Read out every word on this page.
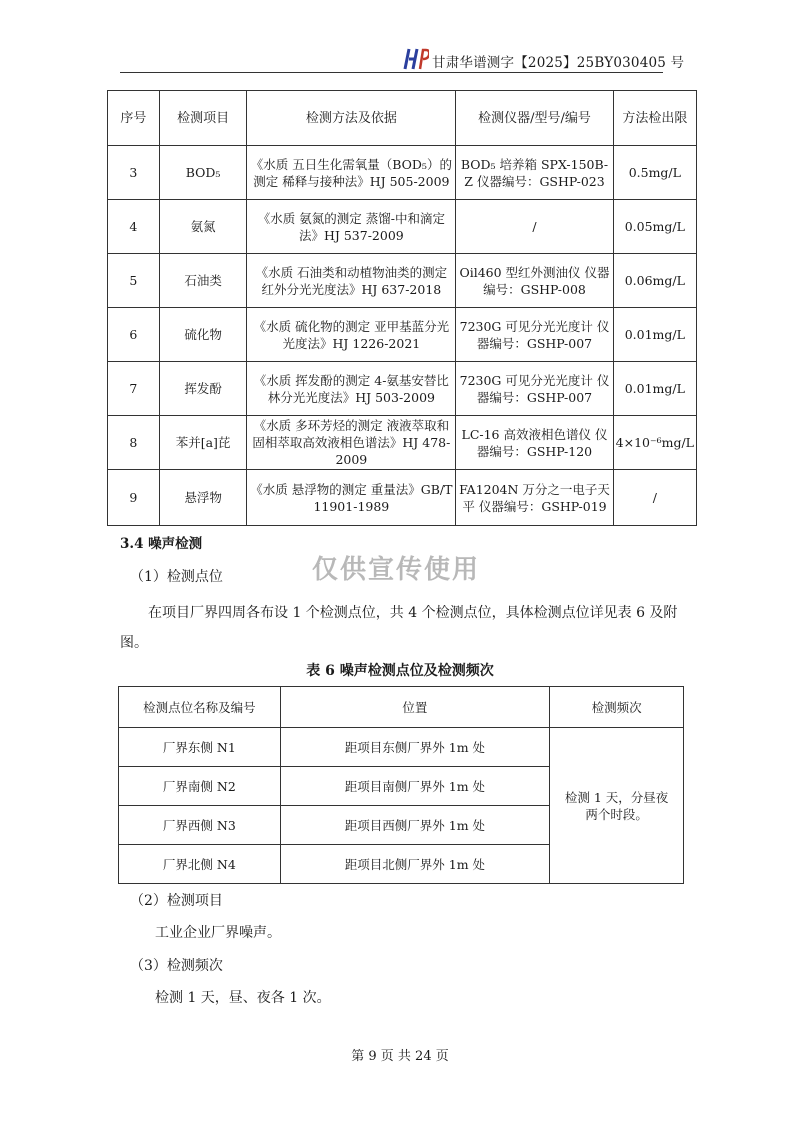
甘肃华谱测字【2025】25BY030405 号
序号	检测项目	检测方法及依据	检测仪器/型号/编号	方法检出限
3	BOD₅	《水质 五日生化需氧量（BOD₅）的测定 稀释与接种法》HJ 505-2009	BOD₅ 培养箱 SPX-150B-Z 仪器编号：GSHP-023	0.5mg/L
4	氨氮	《水质 氨氮的测定 蒸馏-中和滴定法》HJ 537-2009	/	0.05mg/L
5	石油类	《水质 石油类和动植物油类的测定 红外分光光度法》HJ 637-2018	Oil460 型红外测油仪 仪器编号：GSHP-008	0.06mg/L
6	硫化物	《水质 硫化物的测定 亚甲基蓝分光光度法》HJ 1226-2021	7230G 可见分光光度计 仪器编号：GSHP-007	0.01mg/L
7	挥发酚	《水质 挥发酚的测定 4-氨基安替比林分光光度法》HJ 503-2009	7230G 可见分光光度计 仪器编号：GSHP-007	0.01mg/L
8	苯并[a]芘	《水质 多环芳烃的测定 液液萃取和固相萃取高效液相色谱法》HJ 478-2009	LC-16 高效液相色谱仪 仪器编号：GSHP-120	4×10⁻⁶mg/L
9	悬浮物	《水质 悬浮物的测定 重量法》GB/T 11901-1989	FA1204N 万分之一电子天平 仪器编号：GSHP-019	/
3.4 噪声检测
仅供宣传使用
（1）检测点位
在项目厂界四周各布设 1 个检测点位，共 4 个检测点位，具体检测点位详见表 6 及附图。
表 6 噪声检测点位及检测频次
检测点位名称及编号	位置	检测频次
厂界东侧 N1	距项目东侧厂界外 1m 处	检测 1 天，分昼夜两个时段。
厂界南侧 N2	距项目南侧厂界外 1m 处	
厂界西侧 N3	距项目西侧厂界外 1m 处	
厂界北侧 N4	距项目北侧厂界外 1m 处	
（2）检测项目
工业企业厂界噪声。
（3）检测频次
检测 1 天，昼、夜各 1 次。
第 9 页 共 24 页
